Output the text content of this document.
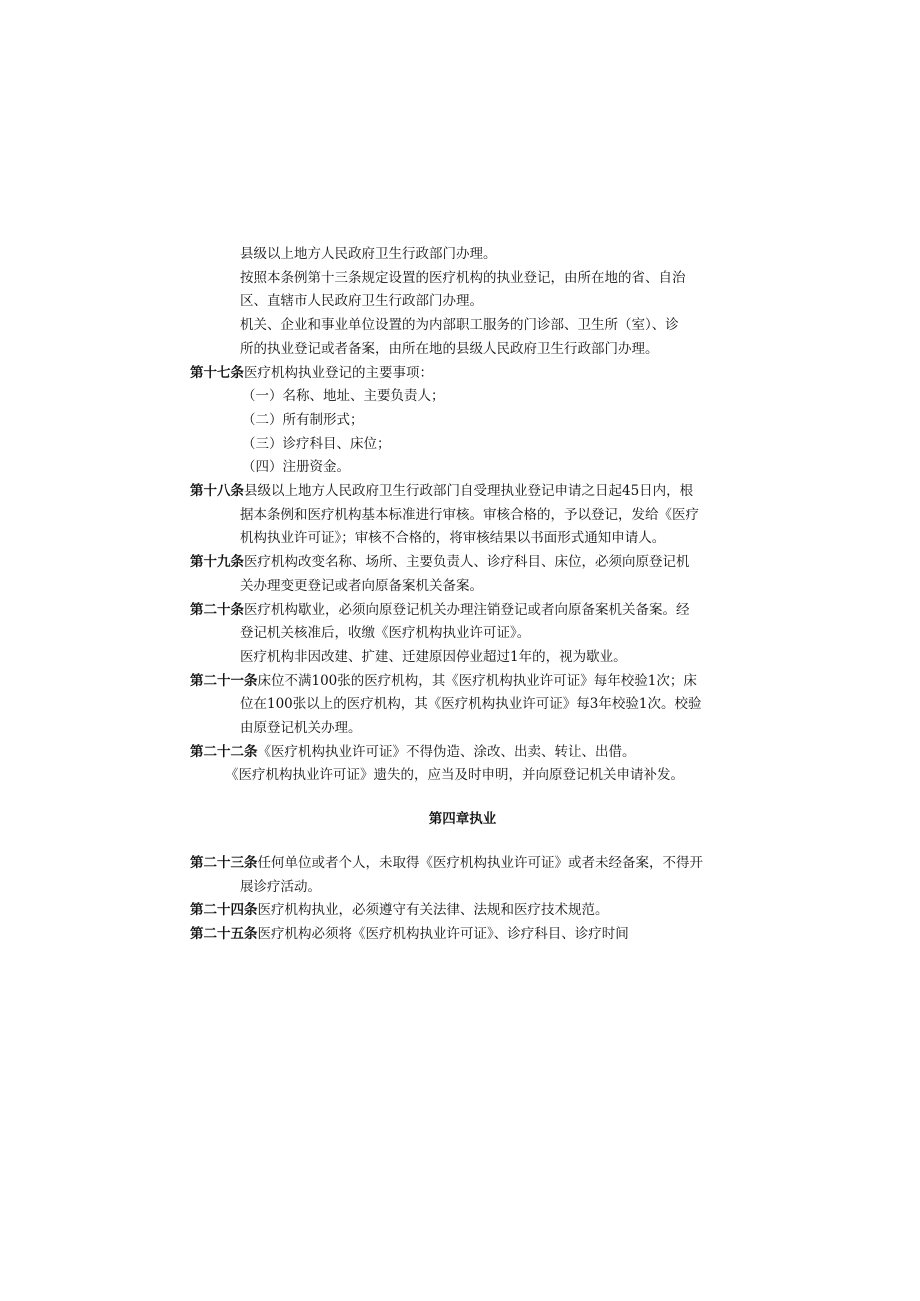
县级以上地方人民政府卫生行政部门办理。

按照本条例第十三条规定设置的医疗机构的执业登记，由所在地的省、自治

区、直辖市人民政府卫生行政部门办理。

机关、企业和事业单位设置的为内部职工服务的门诊部、卫生所（室）、诊

所的执业登记或者备案，由所在地的县级人民政府卫生行政部门办理。

第十七条医疗机构执业登记的主要事项：

（一）名称、地址、主要负责人；

（二）所有制形式；

（三）诊疗科目、床位；

（四）注册资金。

第十八条县级以上地方人民政府卫生行政部门自受理执业登记申请之日起45日内，根

据本条例和医疗机构基本标准进行审核。审核合格的，予以登记，发给《医疗

机构执业许可证》；审核不合格的，将审核结果以书面形式通知申请人。

第十九条医疗机构改变名称、场所、主要负责人、诊疗科目、床位，必须向原登记机

关办理变更登记或者向原备案机关备案。

第二十条医疗机构歇业，必须向原登记机关办理注销登记或者向原备案机关备案。经

登记机关核准后，收缴《医疗机构执业许可证》。

医疗机构非因改建、扩建、迁建原因停业超过1年的，视为歇业。

第二十一条床位不满100张的医疗机构，其《医疗机构执业许可证》每年校验1次；床

位在100张以上的医疗机构，其《医疗机构执业许可证》每3年校验1次。校验

由原登记机关办理。

第二十二条《医疗机构执业许可证》不得伪造、涂改、出卖、转让、出借。

《医疗机构执业许可证》遗失的，应当及时申明，并向原登记机关申请补发。

第四章执业

第二十三条任何单位或者个人，未取得《医疗机构执业许可证》或者未经备案，不得开

展诊疗活动。

第二十四条医疗机构执业，必须遵守有关法律、法规和医疗技术规范。

第二十五条医疗机构必须将《医疗机构执业许可证》、诊疗科目、诊疗时间
